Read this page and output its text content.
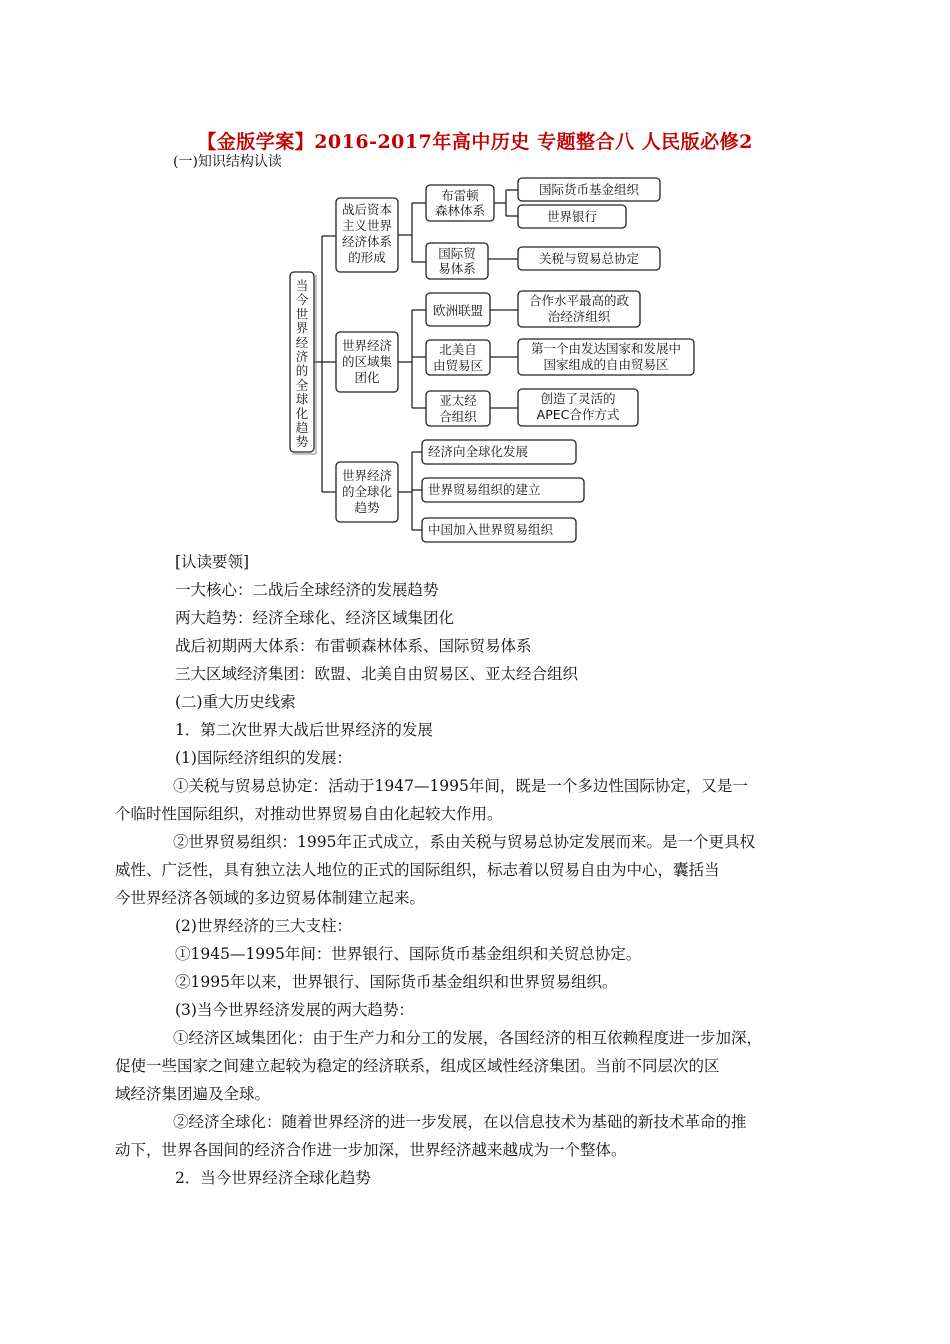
【金版学案】2016-2017年高中历史 专题整合八 人民版必修2
(一)知识结构认读
当今世界经济的全球化趋势
战后资本主义世界经济体系的形成
世界经济的区域集团化
世界经济的全球化趋势
布雷顿森林体系
国际贸易体系
国际货币基金组织
世界银行
关税与贸易总协定
欧洲联盟
北美自由贸易区
亚太经合组织
合作水平最高的政治经济组织
第一个由发达国家和发展中国家组成的自由贸易区
创造了灵活的 APEC合作方式
经济向全球化发展
世界贸易组织的建立
中国加入世界贸易组织

[认读要领]

一大核心：二战后全球经济的发展趋势

两大趋势：经济全球化、经济区域集团化

战后初期两大体系：布雷顿森林体系、国际贸易体系

三大区域经济集团：欧盟、北美自由贸易区、亚太经合组织

(二)重大历史线索

1．第二次世界大战后世界经济的发展

(1)国际经济组织的发展：

①关税与贸易总协定：活动于1947—1995年间，既是一个多边性国际协定，又是一

个临时性国际组织，对推动世界贸易自由化起较大作用。

②世界贸易组织：1995年正式成立，系由关税与贸易总协定发展而来。是一个更具权

威性、广泛性，具有独立法人地位的正式的国际组织，标志着以贸易自由为中心，囊括当

今世界经济各领域的多边贸易体制建立起来。

(2)世界经济的三大支柱：

①1945—1995年间：世界银行、国际货币基金组织和关贸总协定。

②1995年以来，世界银行、国际货币基金组织和世界贸易组织。

(3)当今世界经济发展的两大趋势：

①经济区域集团化：由于生产力和分工的发展，各国经济的相互依赖程度进一步加深，

促使一些国家之间建立起较为稳定的经济联系，组成区域性经济集团。当前不同层次的区

域经济集团遍及全球。

②经济全球化：随着世界经济的进一步发展，在以信息技术为基础的新技术革命的推

动下，世界各国间的经济合作进一步加深，世界经济越来越成为一个整体。

2．当今世界经济全球化趋势
